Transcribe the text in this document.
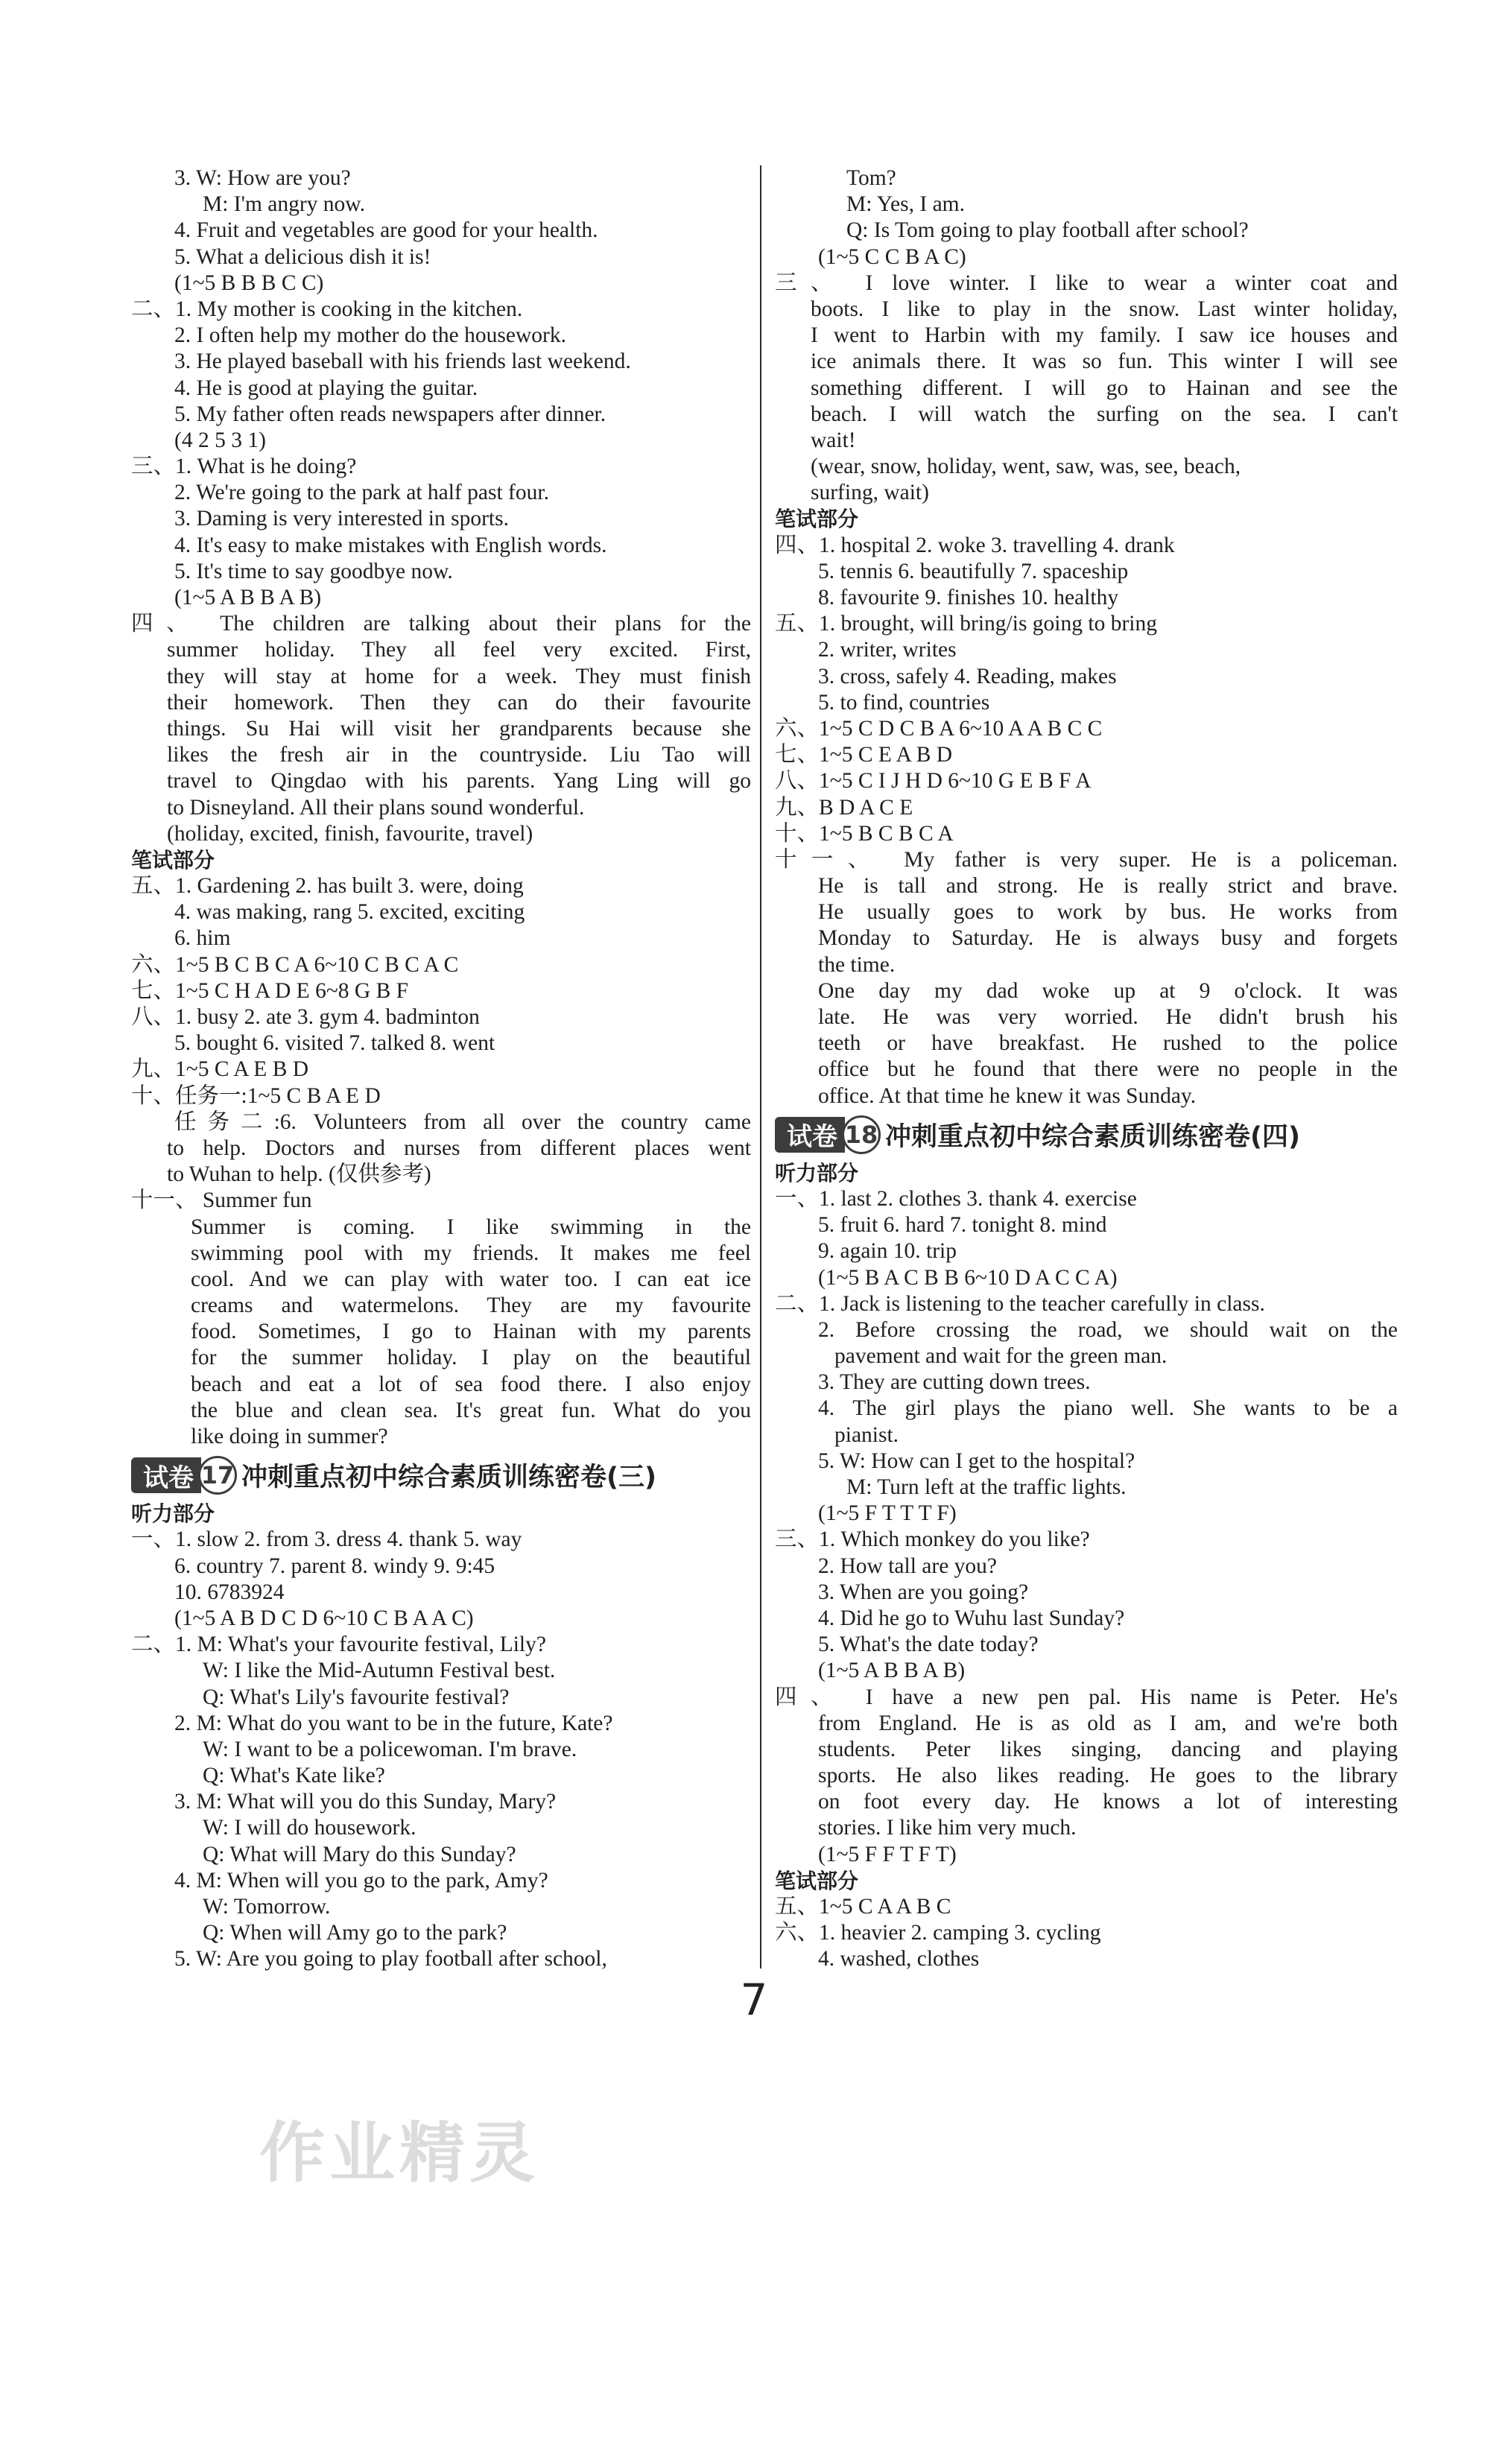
3. W: How are you?
M: I'm angry now.
4. Fruit and vegetables are good for your health.
5. What a delicious dish it is!
(1~5 B B B C C)
二、1. My mother is cooking in the kitchen.
2. I often help my mother do the housework.
3. He played baseball with his friends last weekend.
4. He is good at playing the guitar.
5. My father often reads newspapers after dinner.
(4 2 5 3 1)
三、1. What is he doing?
2. We're going to the park at half past four.
3. Daming is very interested in sports.
4. It's easy to make mistakes with English words.
5. It's time to say goodbye now.
(1~5 A B B A B)
四、 The children are talking about their plans for the
summer holiday. They all feel very excited. First,
they will stay at home for a week. They must finish
their homework. Then they can do their favourite
things. Su Hai will visit her grandparents because she
likes the fresh air in the countryside. Liu Tao will
travel to Qingdao with his parents. Yang Ling will go
to Disneyland. All their plans sound wonderful.
(holiday, excited, finish, favourite, travel)
笔试部分
五、1. Gardening 2. has built 3. were, doing
4. was making, rang 5. excited, exciting
6. him
六、1~5 B C B C A 6~10 C B C A C
七、1~5 C H A D E 6~8 G B F
八、1. busy 2. ate 3. gym 4. badminton
5. bought 6. visited 7. talked 8. went
九、1~5 C A E B D
十、任务一:1~5 C B A E D
任务二:6. Volunteers from all over the country came
to help. Doctors and nurses from different places went
to Wuhan to help. (仅供参考)
十一、 Summer fun
Summer is coming. I like swimming in the
swimming pool with my friends. It makes me feel
cool. And we can play with water too. I can eat ice
creams and watermelons. They are my favourite
food. Sometimes, I go to Hainan with my parents
for the summer holiday. I play on the beautiful
beach and eat a lot of sea food there. I also enjoy
the blue and clean sea. It's great fun. What do you
like doing in summer?
试卷 17 冲刺重点初中综合素质训练密卷(三)
听力部分
一、1. slow 2. from 3. dress 4. thank 5. way
6. country 7. parent 8. windy 9. 9:45
10. 6783924
(1~5 A B D C D 6~10 C B A A C)
二、1. M: What's your favourite festival, Lily?
W: I like the Mid-Autumn Festival best.
Q: What's Lily's favourite festival?
2. M: What do you want to be in the future, Kate?
W: I want to be a policewoman. I'm brave.
Q: What's Kate like?
3. M: What will you do this Sunday, Mary?
W: I will do housework.
Q: What will Mary do this Sunday?
4. M: When will you go to the park, Amy?
W: Tomorrow.
Q: When will Amy go to the park?
5. W: Are you going to play football after school,
Tom?
M: Yes, I am.
Q: Is Tom going to play football after school?
(1~5 C C B A C)
三、 I love winter. I like to wear a winter coat and
boots. I like to play in the snow. Last winter holiday,
I went to Harbin with my family. I saw ice houses and
ice animals there. It was so fun. This winter I will see
something different. I will go to Hainan and see the
beach. I will watch the surfing on the sea. I can't
wait!
(wear, snow, holiday, went, saw, was, see, beach,
surfing, wait)
笔试部分
四、1. hospital 2. woke 3. travelling 4. drank
5. tennis 6. beautifully 7. spaceship
8. favourite 9. finishes 10. healthy
五、1. brought, will bring/is going to bring
2. writer, writes
3. cross, safely 4. Reading, makes
5. to find, countries
六、1~5 C D C B A 6~10 A A B C C
七、1~5 C E A B D
八、1~5 C I J H D 6~10 G E B F A
九、B D A C E
十、1~5 B C B C A
十一、 My father is very super. He is a policeman.
He is tall and strong. He is really strict and brave.
He usually goes to work by bus. He works from
Monday to Saturday. He is always busy and forgets
the time.
One day my dad woke up at 9 o'clock. It was
late. He was very worried. He didn't brush his
teeth or have breakfast. He rushed to the police
office but he found that there were no people in the
office. At that time he knew it was Sunday.
试卷 18 冲刺重点初中综合素质训练密卷(四)
听力部分
一、1. last 2. clothes 3. thank 4. exercise
5. fruit 6. hard 7. tonight 8. mind
9. again 10. trip
(1~5 B A C B B 6~10 D A C C A)
二、1. Jack is listening to the teacher carefully in class.
2. Before crossing the road, we should wait on the
pavement and wait for the green man.
3. They are cutting down trees.
4. The girl plays the piano well. She wants to be a
pianist.
5. W: How can I get to the hospital?
M: Turn left at the traffic lights.
(1~5 F T T T F)
三、1. Which monkey do you like?
2. How tall are you?
3. When are you going?
4. Did he go to Wuhu last Sunday?
5. What's the date today?
(1~5 A B B A B)
四、 I have a new pen pal. His name is Peter. He's
from England. He is as old as I am, and we're both
students. Peter likes singing, dancing and playing
sports. He also likes reading. He goes to the library
on foot every day. He knows a lot of interesting
stories. I like him very much.
(1~5 F F T F T)
笔试部分
五、1~5 C A A B C
六、1. heavier 2. camping 3. cycling
4. washed, clothes
7
作业精灵
